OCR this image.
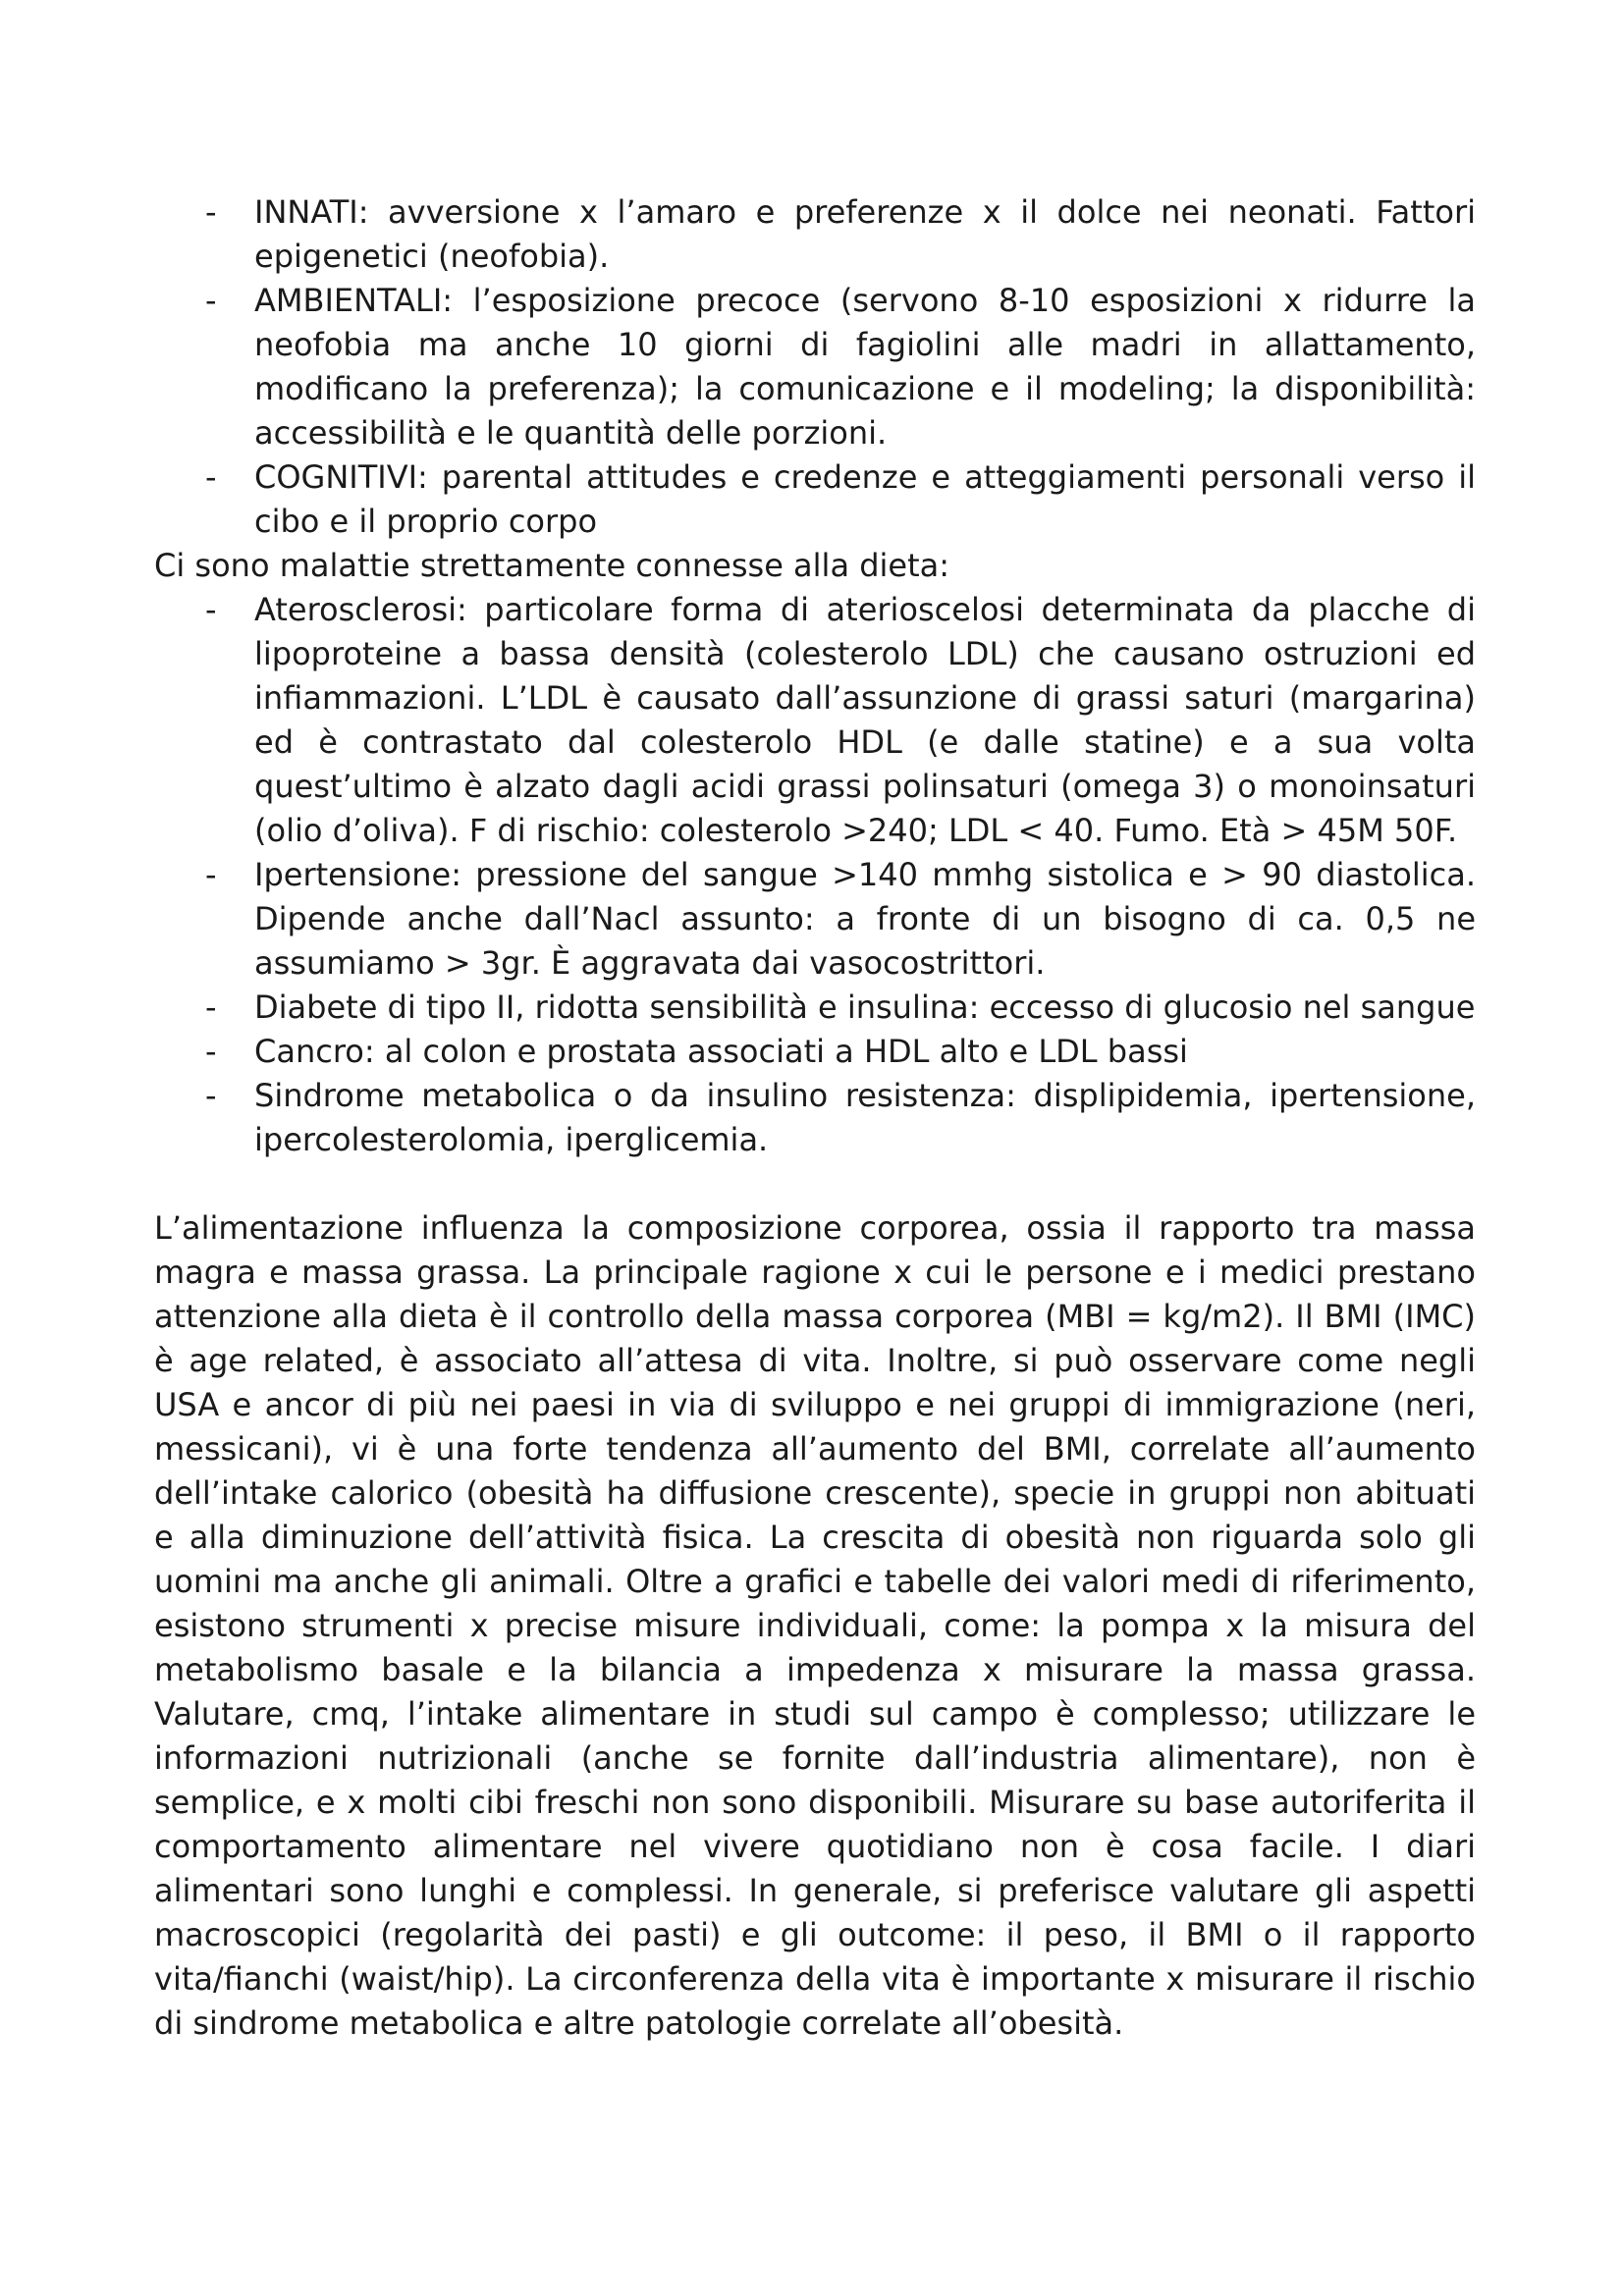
- INNATI: avversione x l’amaro e preferenze x il dolce nei neonati. Fattori epigenetici (neofobia).
- AMBIENTALI: l’esposizione precoce (servono 8-10 esposizioni x ridurre la neofobia ma anche 10 giorni di fagiolini alle madri in allattamento, modificano la preferenza); la comunicazione e il modeling; la disponibilità: accessibilità e le quantità delle porzioni.
- COGNITIVI: parental attitudes e credenze e atteggiamenti personali verso il cibo e il proprio corpo

Ci sono malattie strettamente connesse alla dieta:

- Aterosclerosi: particolare forma di aterioscelosi determinata da placche di lipoproteine a bassa densità (colesterolo LDL) che causano ostruzioni ed infiammazioni. L’LDL è causato dall’assunzione di grassi saturi (margarina) ed è contrastato dal colesterolo HDL (e dalle statine) e a sua volta quest’ultimo è alzato dagli acidi grassi polinsaturi (omega 3) o monoinsaturi (olio d’oliva). F di rischio: colesterolo >240; LDL < 40. Fumo. Età > 45M 50F.
- Ipertensione: pressione del sangue >140 mmhg sistolica e > 90 diastolica. Dipende anche dall’Nacl assunto: a fronte di un bisogno di ca. 0,5 ne assumiamo > 3gr. È aggravata dai vasocostrittori.
- Diabete di tipo II, ridotta sensibilità e insulina: eccesso di glucosio nel sangue
- Cancro: al colon e prostata associati a HDL alto e LDL bassi
- Sindrome metabolica o da insulino resistenza: displipidemia, ipertensione, ipercolesterolomia, iperglicemia.

L’alimentazione influenza la composizione corporea, ossia il rapporto tra massa magra e massa grassa. La principale ragione x cui le persone e i medici prestano attenzione alla dieta è il controllo della massa corporea (MBI = kg/m2). Il BMI (IMC) è age related, è associato all’attesa di vita. Inoltre, si può osservare come negli USA e ancor di più nei paesi in via di sviluppo e nei gruppi di immigrazione (neri, messicani), vi è una forte tendenza all’aumento del BMI, correlate all’aumento dell’intake calorico (obesità ha diffusione crescente), specie in gruppi non abituati e alla diminuzione dell’attività fisica. La crescita di obesità non riguarda solo gli uomini ma anche gli animali. Oltre a grafici e tabelle dei valori medi di riferimento, esistono strumenti x precise misure individuali, come: la pompa x la misura del metabolismo basale e la bilancia a impedenza x misurare la massa grassa. Valutare, cmq, l’intake alimentare in studi sul campo è complesso; utilizzare le informazioni nutrizionali (anche se fornite dall’industria alimentare), non è semplice, e x molti cibi freschi non sono disponibili. Misurare su base autoriferita il comportamento alimentare nel vivere quotidiano non è cosa facile. I diari alimentari sono lunghi e complessi. In generale, si preferisce valutare gli aspetti macroscopici (regolarità dei pasti) e gli outcome: il peso, il BMI o il rapporto vita/fianchi (waist/hip). La circonferenza della vita è importante x misurare il rischio di sindrome metabolica e altre patologie correlate all’obesità.
